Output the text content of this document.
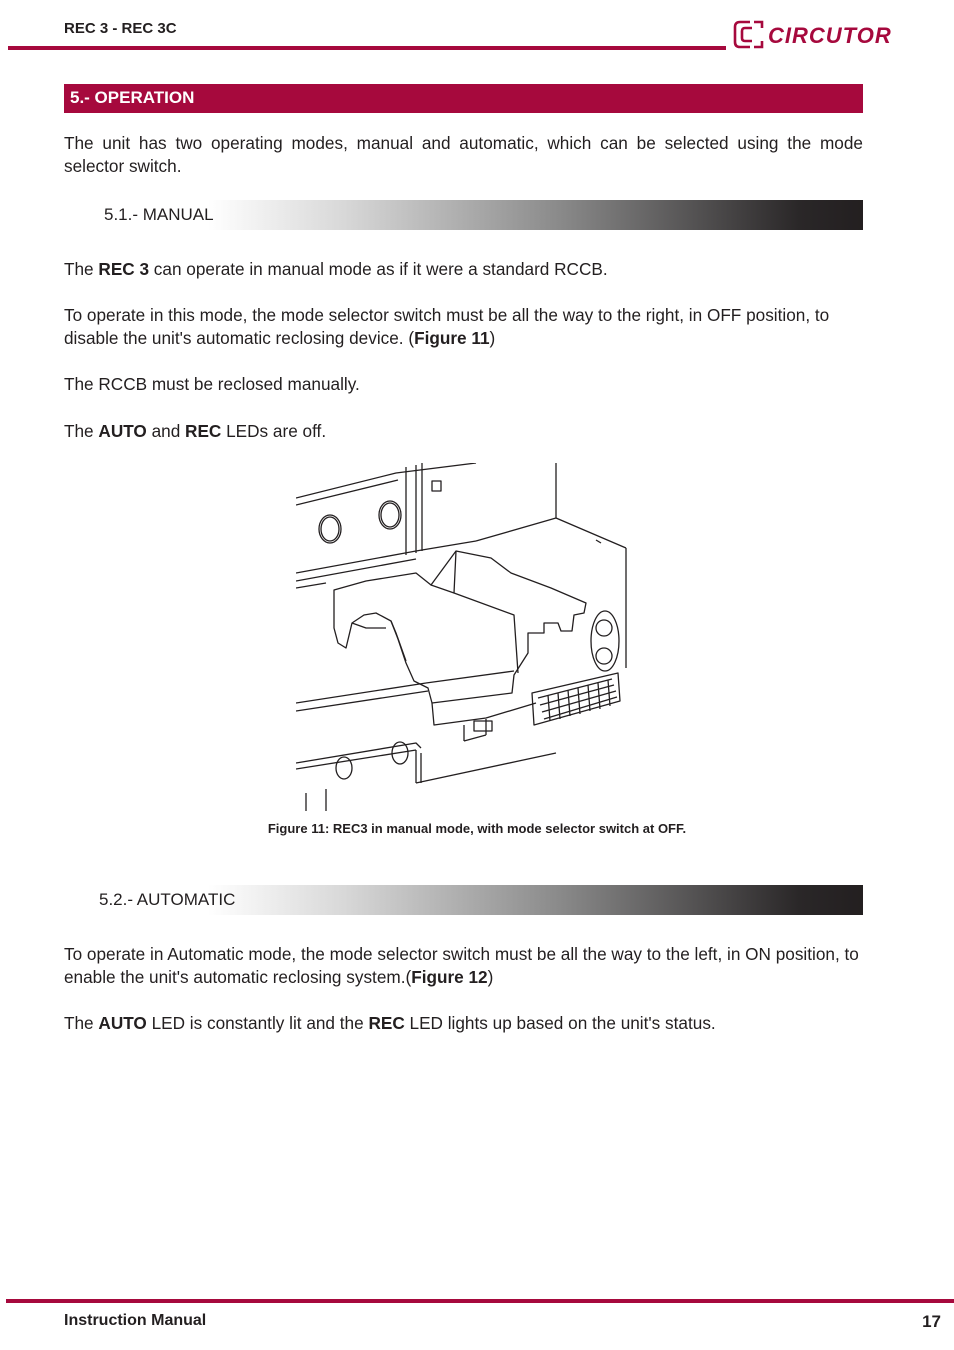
REC 3 - REC 3C	CIRCUTOR
5.- OPERATION
The unit has two operating modes, manual and automatic, which can be selected using the mode selector switch.
5.1.- MANUAL
The REC 3 can operate in manual mode as if it were a standard RCCB.
To operate in this mode, the mode selector switch must be all the way to the right, in OFF position, to disable the unit's automatic reclosing device. (Figure 11)
The RCCB must be reclosed manually.
The AUTO and REC LEDs are off.
Figure 11: REC3 in manual mode, with mode selector switch at OFF.
5.2.- AUTOMATIC
To operate in Automatic mode, the mode selector switch must be all the way to the left, in ON position, to enable the unit's automatic reclosing system.(Figure 12)
The AUTO LED is constantly lit and the REC LED lights up based on the unit's status.
Instruction Manual	17
